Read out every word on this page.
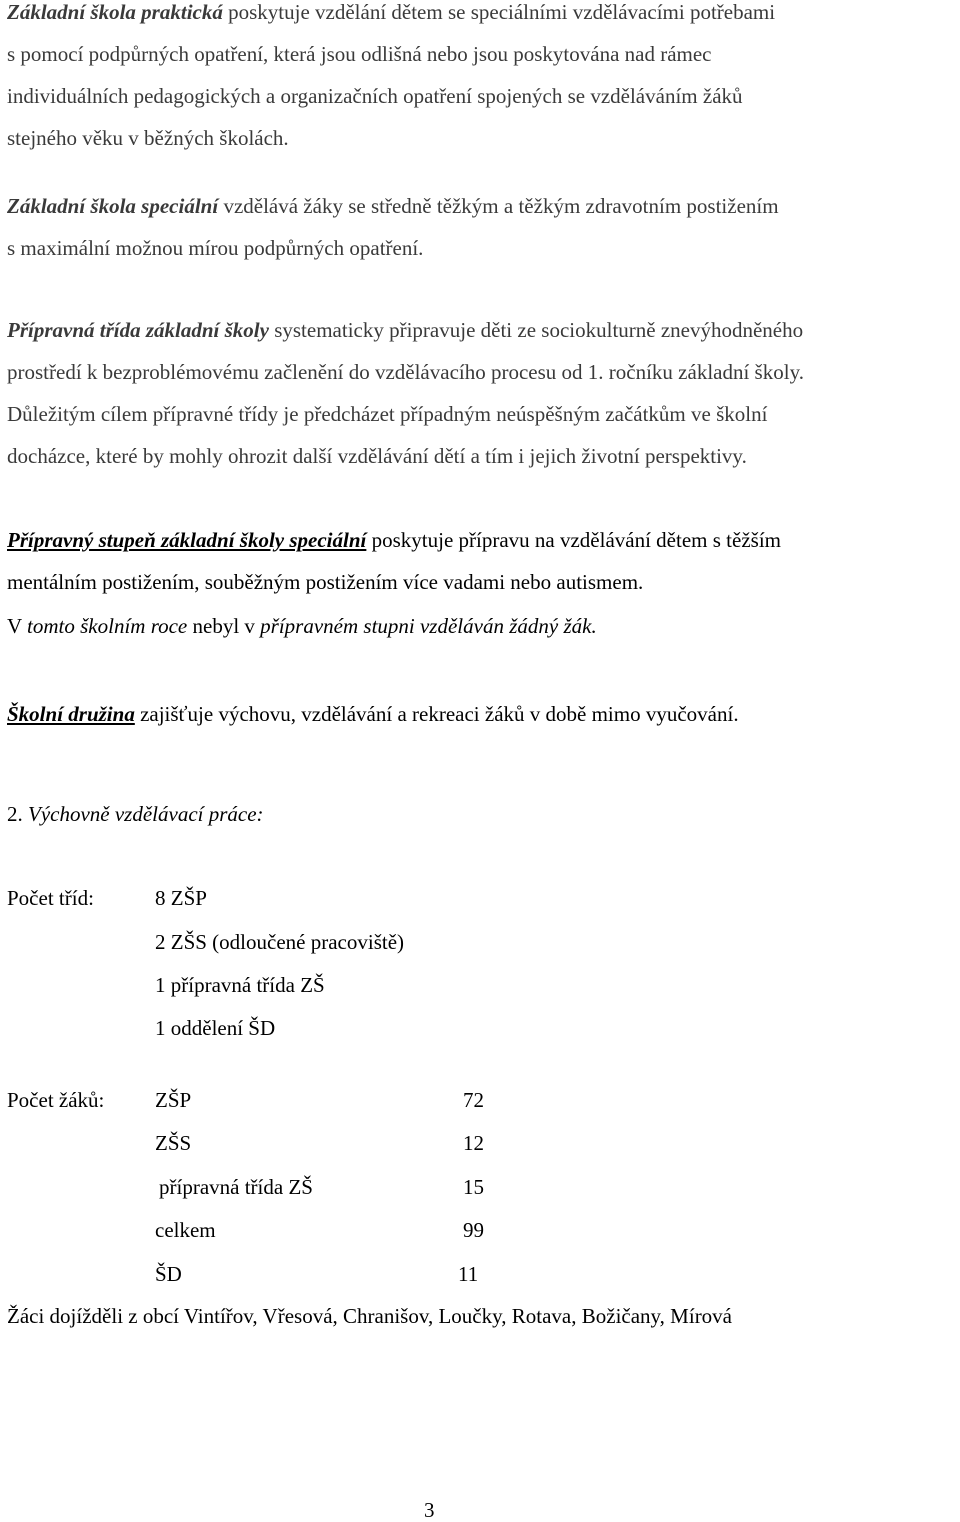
Základní škola praktická poskytuje vzdělání dětem se speciálními vzdělávacími potřebami
s pomocí podpůrných opatření, která jsou odlišná nebo jsou poskytována nad rámec
individuálních pedagogických a organizačních opatření spojených se vzděláváním žáků
stejného věku v běžných školách.
Základní škola speciální vzdělává žáky se středně těžkým a těžkým zdravotním postižením
s maximální možnou mírou podpůrných opatření.
Přípravná třída základní školy systematicky připravuje děti ze sociokulturně znevýhodněného
prostředí k bezproblémovému začlenění do vzdělávacího procesu od 1. ročníku základní školy.
Důležitým cílem přípravné třídy je předcházet případným neúspěšným začátkům ve školní
docházce, které by mohly ohrozit další vzdělávání dětí a tím i jejich životní perspektivy.
Přípravný stupeň základní školy speciální poskytuje přípravu na vzdělávání dětem s těžším
mentálním postižením, souběžným postižením více vadami nebo autismem.
V tomto školním roce nebyl v přípravném stupni vzděláván žádný žák.
Školní družina zajišťuje výchovu, vzdělávání a rekreaci žáků v době mimo vyučování.
2. Výchovně vzdělávací práce:
Počet tříd:	8 ZŠP
2 ZŠS (odloučené pracoviště)
1 přípravná třída ZŠ
1 oddělení ŠD
Počet žáků: ZŠP	72
ZŠS	12
přípravná třída ZŠ	15
celkem	99
ŠD	11
Žáci dojížděli z obcí Vintířov, Vřesová, Chranišov, Loučky, Rotava, Božičany, Mírová
3
